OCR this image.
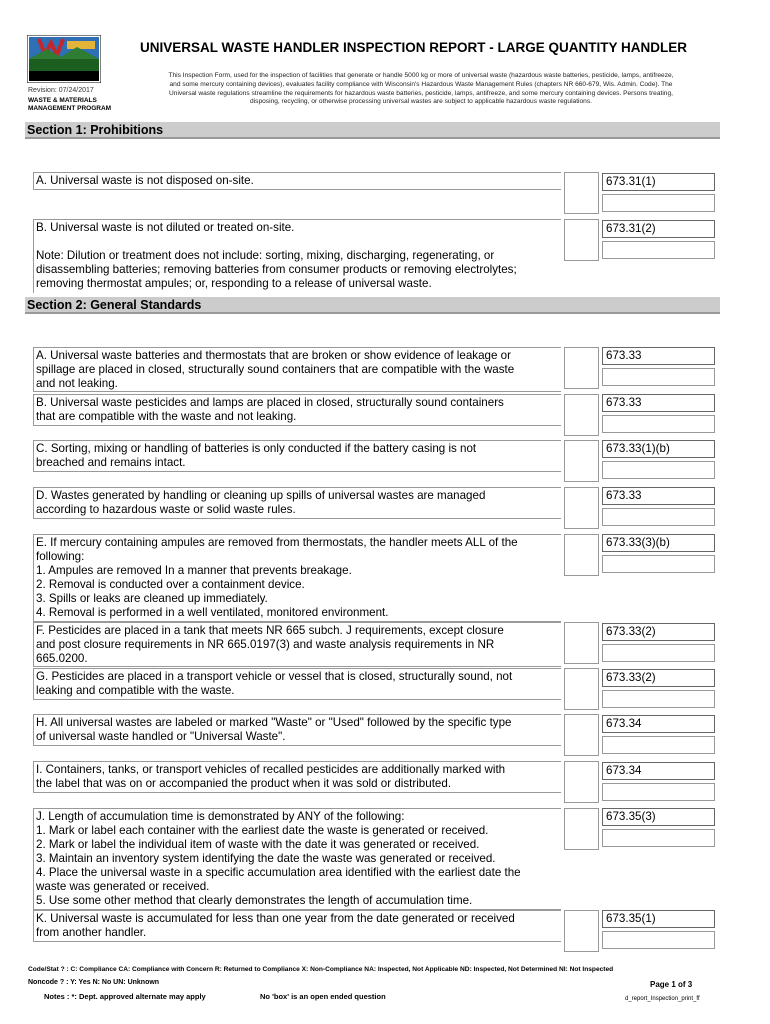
Revision: 07/24/2017
WASTE & MATERIALS
MANAGEMENT PROGRAM
UNIVERSAL WASTE HANDLER INSPECTION REPORT - LARGE QUANTITY HANDLER
This Inspection Form, used for the inspection of facilities that generate or handle 5000 kg or more of universal waste (hazardous waste batteries, pesticide, lamps, antifreeze,
and some mercury containing devices), evaluates facility compliance with Wisconsin's Hazardous Waste Management Rules (chapters NR 660-679, Wis. Admin. Code). The
Universal waste regulations streamline the requirements for hazardous waste batteries, pesticide, lamps, antifreeze, and some mercury containing devices. Persons treating,
disposing, recycling, or otherwise processing universal wastes are subject to applicable hazardous waste regulations.
Section 1: Prohibitions
A. Universal waste is not disposed on-site.	673.31(1)
B. Universal waste is not diluted or treated on-site.

Note: Dilution or treatment does not include: sorting, mixing, discharging, regenerating, or
disassembling batteries; removing batteries from consumer products or removing electrolytes;
removing thermostat ampules; or, responding to a release of universal waste.
673.31(2)
Section 2: General Standards
A. Universal waste batteries and thermostats that are broken or show evidence of leakage or
spillage are placed in closed, structurally sound containers that are compatible with the waste
and not leaking.
673.33
B. Universal waste pesticides and lamps are placed in closed, structurally sound containers
that are compatible with the waste and not leaking.
673.33
C. Sorting, mixing or handling of batteries is only conducted if the battery casing is not
breached and remains intact.
673.33(1)(b)
D. Wastes generated by handling or cleaning up spills of universal wastes are managed
according to hazardous waste or solid waste rules.
673.33
E. If mercury containing ampules are removed from thermostats, the handler meets ALL of the
following:
1. Ampules are removed In a manner that prevents breakage.
2. Removal is conducted over a containment device.
3. Spills or leaks are cleaned up immediately.
4. Removal is performed in a well ventilated, monitored environment.
673.33(3)(b)
F. Pesticides are placed in a tank that meets NR 665 subch. J requirements, except closure
and post closure requirements in NR 665.0197(3) and waste analysis requirements in NR
665.0200.
673.33(2)
G. Pesticides are placed in a transport vehicle or vessel that is closed, structurally sound, not
leaking and compatible with the waste.
673.33(2)
H. All universal wastes are labeled or marked "Waste" or "Used" followed by the specific type
of universal waste handled or "Universal Waste".
673.34
I. Containers, tanks, or transport vehicles of recalled pesticides are additionally marked with
the label that was on or accompanied the product when it was sold or distributed.
673.34
J. Length of accumulation time is demonstrated by ANY of the following:
1. Mark or label each container with the earliest date the waste is generated or received.
2. Mark or label the individual item of waste with the date it was generated or received.
3. Maintain an inventory system identifying the date the waste was generated or received.
4. Place the universal waste in a specific accumulation area identified with the earliest date the
waste was generated or received.
5. Use some other method that clearly demonstrates the length of accumulation time.
673.35(3)
K. Universal waste is accumulated for less than one year from the date generated or received
from another handler.
673.35(1)
Code/Stat ? : C: Compliance CA: Compliance with Concern R: Returned to Compliance X: Non-Compliance NA: Inspected, Not Applicable ND: Inspected, Not Determined NI: Not Inspected
Noncode ? : Y: Yes N: No UN: Unknown
Notes : *: Dept. approved alternate may apply	No 'box' is an open ended question
Page 1 of 3
d_report_Inspection_print_ff
